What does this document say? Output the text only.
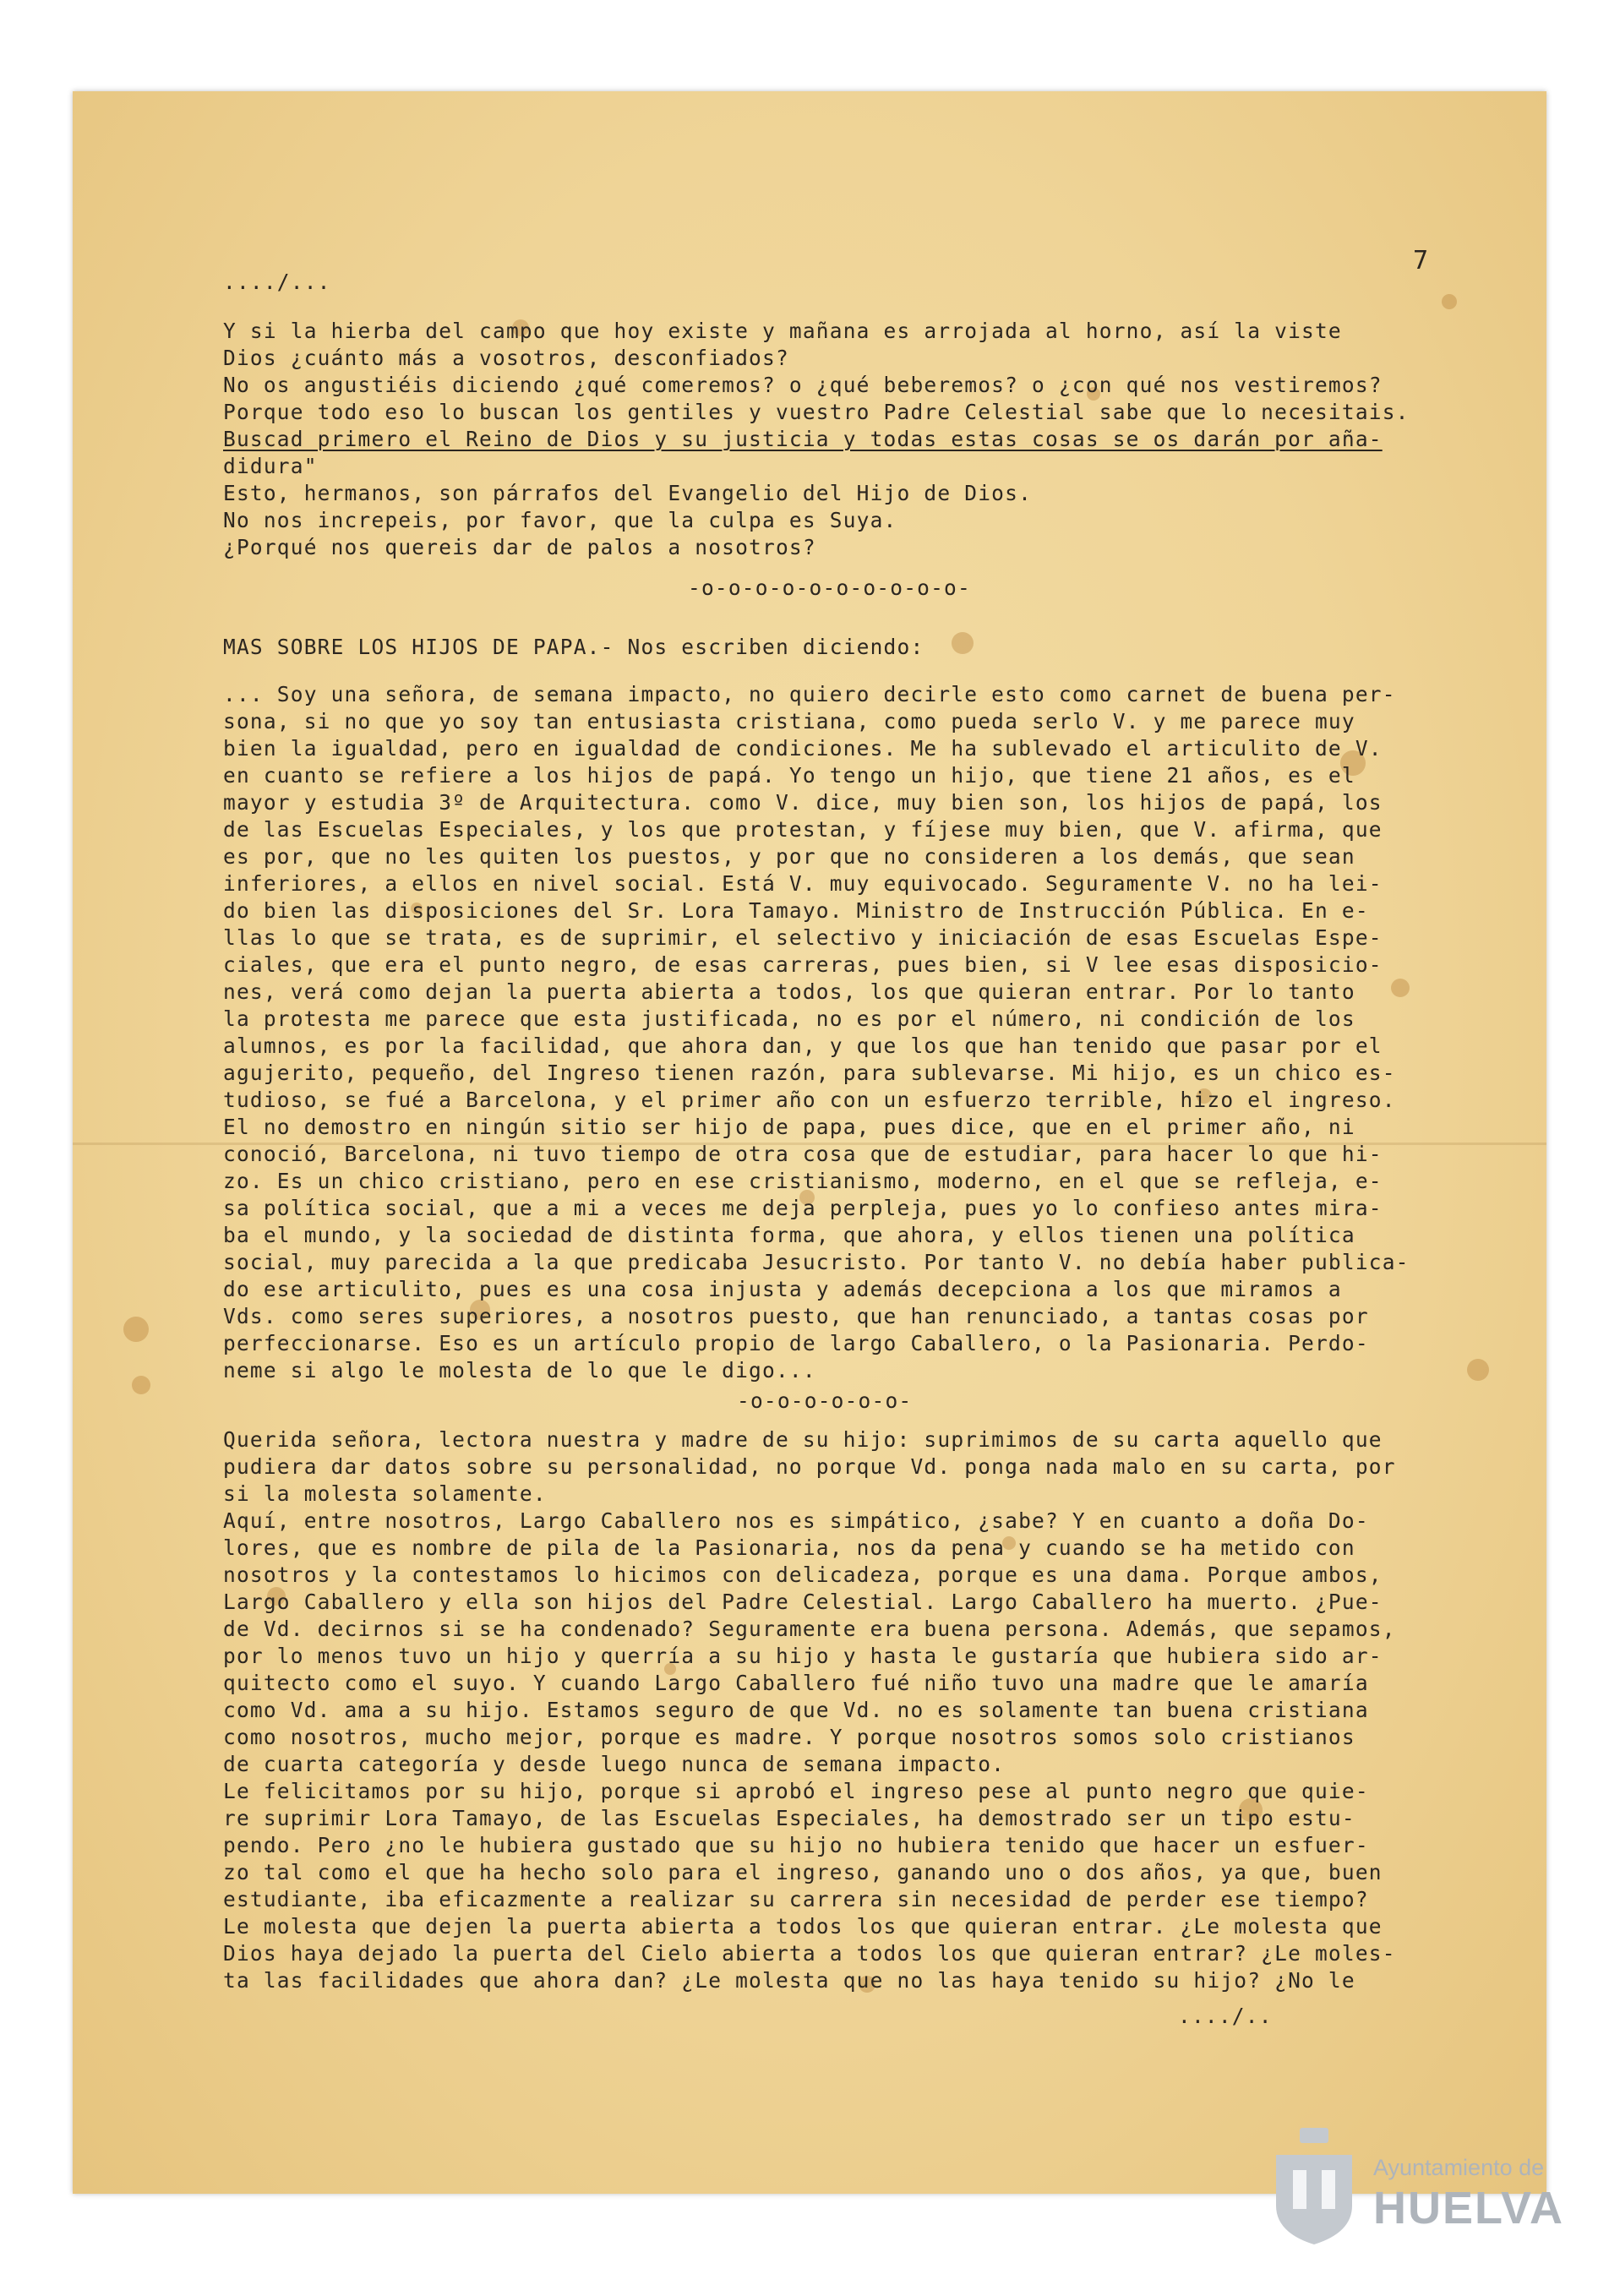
7
..../...
Y si la hierba del campo que hoy existe y mañana es arrojada al horno, así la viste
Dios ¿cuánto más a vosotros, desconfiados?
No os angustiéis diciendo ¿qué comeremos? o ¿qué beberemos? o ¿con qué nos vestiremos?
Porque todo eso lo buscan los gentiles y vuestro Padre Celestial sabe que lo necesitais.
Buscad primero el Reino de Dios y su justicia y todas estas cosas se os darán por aña-
didura"
Esto, hermanos, son párrafos del Evangelio del Hijo de Dios.
No nos increpeis, por favor, que la culpa es Suya.
¿Porqué nos quereis dar de palos a nosotros?
-o-o-o-o-o-o-o-o-o-o-
MAS SOBRE LOS HIJOS DE PAPA.- Nos escriben diciendo:
... Soy una señora, de semana impacto, no quiero decirle esto como carnet de buena per-
sona, si no que yo soy tan entusiasta cristiana, como pueda serlo V. y me parece muy
bien la igualdad, pero en igualdad de condiciones. Me ha sublevado el articulito de V.
en cuanto se refiere a los hijos de papá. Yo tengo un hijo, que tiene 21 años, es el
mayor y estudia 3º de Arquitectura. como V. dice, muy bien son, los hijos de papá, los
de las Escuelas Especiales, y los que protestan, y fíjese muy bien, que V. afirma, que
es por, que no les quiten los puestos, y por que no consideren a los demás, que sean
inferiores, a ellos en nivel social. Está V. muy equivocado. Seguramente V. no ha lei-
do bien las disposiciones del Sr. Lora Tamayo. Ministro de Instrucción Pública. En e-
llas lo que se trata, es de suprimir, el selectivo y iniciación de esas Escuelas Espe-
ciales, que era el punto negro, de esas carreras, pues bien, si V lee esas disposicio-
nes, verá como dejan la puerta abierta a todos, los que quieran entrar. Por lo tanto
la protesta me parece que esta justificada, no es por el número, ni condición de los
alumnos, es por la facilidad, que ahora dan, y que los que han tenido que pasar por el
agujerito, pequeño, del Ingreso tienen razón, para sublevarse. Mi hijo, es un chico es-
tudioso, se fué a Barcelona, y el primer año con un esfuerzo terrible, hizo el ingreso.
El no demostro en ningún sitio ser hijo de papa, pues dice, que en el primer año, ni
conoció, Barcelona, ni tuvo tiempo de otra cosa que de estudiar, para hacer lo que hi-
zo. Es un chico cristiano, pero en ese cristianismo, moderno, en el que se refleja, e-
sa política social, que a mi a veces me deja perpleja, pues yo lo confieso antes mira-
ba el mundo, y la sociedad de distinta forma, que ahora, y ellos tienen una política
social, muy parecida a la que predicaba Jesucristo. Por tanto V. no debía haber publica-
do ese articulito, pues es una cosa injusta y además decepciona a los que miramos a
Vds. como seres superiores, a nosotros puesto, que han renunciado, a tantas cosas por
perfeccionarse. Eso es un artículo propio de largo Caballero, o la Pasionaria. Perdo-
neme si algo le molesta de lo que le digo...
-o-o-o-o-o-o-
Querida señora, lectora nuestra y madre de su hijo: suprimimos de su carta aquello que
pudiera dar datos sobre su personalidad, no porque Vd. ponga nada malo en su carta, por
si la molesta solamente.
Aquí, entre nosotros, Largo Caballero nos es simpático, ¿sabe? Y en cuanto a doña Do-
lores, que es nombre de pila de la Pasionaria, nos da pena y cuando se ha metido con
nosotros y la contestamos lo hicimos con delicadeza, porque es una dama. Porque ambos,
Largo Caballero y ella son hijos del Padre Celestial. Largo Caballero ha muerto. ¿Pue-
de Vd. decirnos si se ha condenado? Seguramente era buena persona. Además, que sepamos,
por lo menos tuvo un hijo y querría a su hijo y hasta le gustaría que hubiera sido ar-
quitecto como el suyo. Y cuando Largo Caballero fué niño tuvo una madre que le amaría
como Vd. ama a su hijo. Estamos seguro de que Vd. no es solamente tan buena cristiana
como nosotros, mucho mejor, porque es madre. Y porque nosotros somos solo cristianos
de cuarta categoría y desde luego nunca de semana impacto.
Le felicitamos por su hijo, porque si aprobó el ingreso pese al punto negro que quie-
re suprimir Lora Tamayo, de las Escuelas Especiales, ha demostrado ser un tipo estu-
pendo. Pero ¿no le hubiera gustado que su hijo no hubiera tenido que hacer un esfuer-
zo tal como el que ha hecho solo para el ingreso, ganando uno o dos años, ya que, buen
estudiante, iba eficazmente a realizar su carrera sin necesidad de perder ese tiempo?
Le molesta que dejen la puerta abierta a todos los que quieran entrar. ¿Le molesta que
Dios haya dejado la puerta del Cielo abierta a todos los que quieran entrar? ¿Le moles-
ta las facilidades que ahora dan? ¿Le molesta que no las haya tenido su hijo? ¿No le
..../..
Ayuntamiento de
HUELVA
